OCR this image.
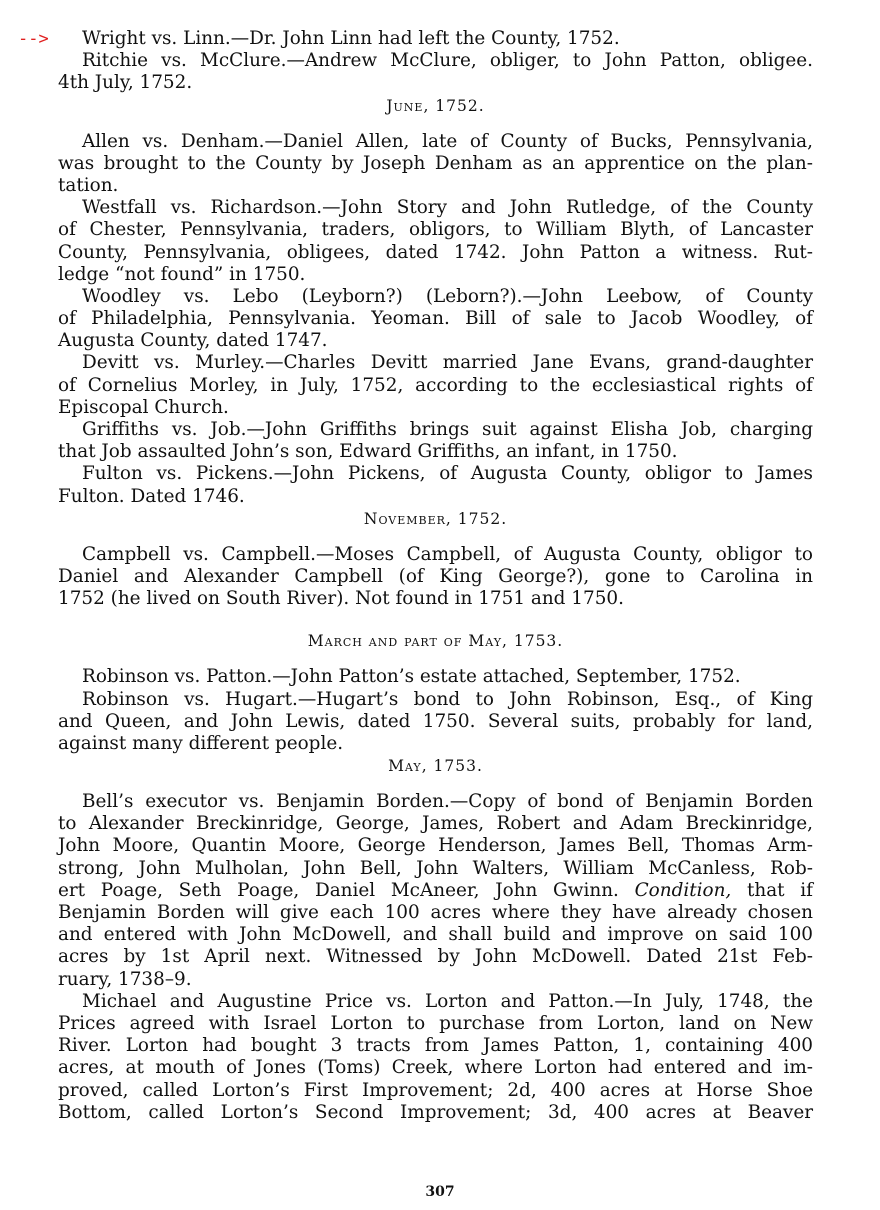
-->	Wright vs. Linn.—Dr. John Linn had left the County, 1752.
Ritchie vs. McClure.—Andrew McClure, obliger, to John Patton, obligee.
4th July, 1752.
June, 1752.
Allen vs. Denham.—Daniel Allen, late of County of Bucks, Pennsylvania,
was brought to the County by Joseph Denham as an apprentice on the plan-
tation.
Westfall vs. Richardson.—John Story and John Rutledge, of the County
of Chester, Pennsylvania, traders, obligors, to William Blyth, of Lancaster
County, Pennsylvania, obligees, dated 1742. John Patton a witness. Rut-
ledge “not found” in 1750.
Woodley vs. Lebo (Leyborn?) (Leborn?).—John Leebow, of County
of Philadelphia, Pennsylvania. Yeoman. Bill of sale to Jacob Woodley, of
Augusta County, dated 1747.
Devitt vs. Murley.—Charles Devitt married Jane Evans, grand-daughter
of Cornelius Morley, in July, 1752, according to the ecclesiastical rights of
Episcopal Church.
Griffiths vs. Job.—John Griffiths brings suit against Elisha Job, charging
that Job assaulted John’s son, Edward Griffiths, an infant, in 1750.
Fulton vs. Pickens.—John Pickens, of Augusta County, obligor to James
Fulton. Dated 1746.
November, 1752.
Campbell vs. Campbell.—Moses Campbell, of Augusta County, obligor to
Daniel and Alexander Campbell (of King George?), gone to Carolina in
1752 (he lived on South River). Not found in 1751 and 1750.
March and part of May, 1753.
Robinson vs. Patton.—John Patton’s estate attached, September, 1752.
Robinson vs. Hugart.—Hugart’s bond to John Robinson, Esq., of King
and Queen, and John Lewis, dated 1750. Several suits, probably for land,
against many different people.
May, 1753.
Bell’s executor vs. Benjamin Borden.—Copy of bond of Benjamin Borden
to Alexander Breckinridge, George, James, Robert and Adam Breckinridge,
John Moore, Quantin Moore, George Henderson, James Bell, Thomas Arm-
strong, John Mulholan, John Bell, John Walters, William McCanless, Rob-
ert Poage, Seth Poage, Daniel McAneer, John Gwinn. Condition, that if
Benjamin Borden will give each 100 acres where they have already chosen
and entered with John McDowell, and shall build and improve on said 100
acres by 1st April next. Witnessed by John McDowell. Dated 21st Feb-
ruary, 1738–9.
Michael and Augustine Price vs. Lorton and Patton.—In July, 1748, the
Prices agreed with Israel Lorton to purchase from Lorton, land on New
River. Lorton had bought 3 tracts from James Patton, 1, containing 400
acres, at mouth of Jones (Toms) Creek, where Lorton had entered and im-
proved, called Lorton’s First Improvement; 2d, 400 acres at Horse Shoe
Bottom, called Lorton’s Second Improvement; 3d, 400 acres at Beaver
307
